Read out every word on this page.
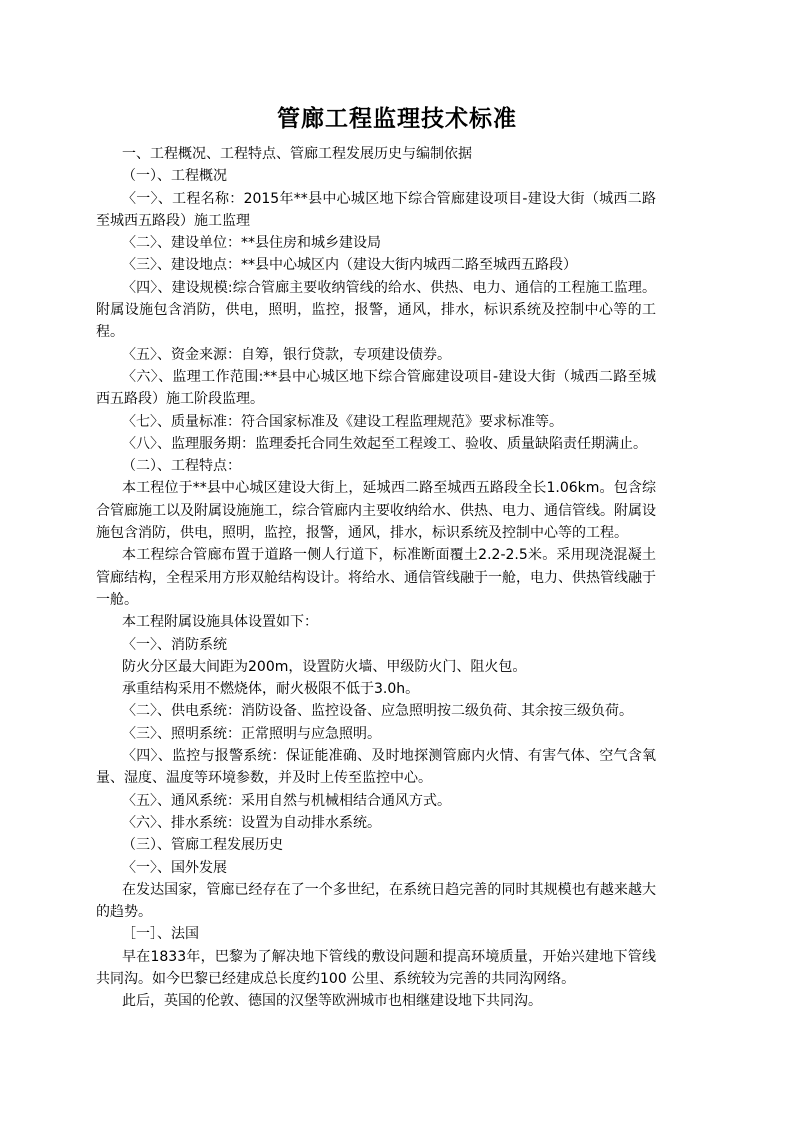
管廊工程监理技术标准

一、工程概况、工程特点、管廊工程发展历史与编制依据

（一）、工程概况

〈一〉、工程名称：2015年**县中心城区地下综合管廊建设项目-建设大街（城西二路至城西五路段）施工监理

〈二〉、建设单位：**县住房和城乡建设局

〈三〉、建设地点：**县中心城区内（建设大街内城西二路至城西五路段）

〈四〉、建设规模:综合管廊主要收纳管线的给水、供热、电力、通信的工程施工监理。附属设施包含消防，供电，照明，监控，报警，通风，排水，标识系统及控制中心等的工程。

〈五〉、资金来源：自筹，银行贷款，专项建设债券。

〈六〉、监理工作范围:**县中心城区地下综合管廊建设项目-建设大街（城西二路至城西五路段）施工阶段监理。

〈七〉、质量标准：符合国家标准及《建设工程监理规范》要求标准等。

〈八〉、监理服务期：监理委托合同生效起至工程竣工、验收、质量缺陷责任期满止。

（二）、工程特点：

本工程位于**县中心城区建设大街上，延城西二路至城西五路段全长1.06km。包含综合管廊施工以及附属设施施工，综合管廊内主要收纳给水、供热、电力、通信管线。附属设施包含消防，供电，照明，监控，报警，通风，排水，标识系统及控制中心等的工程。

本工程综合管廊布置于道路一侧人行道下，标准断面覆土2.2-2.5米。采用现浇混凝土管廊结构，全程采用方形双舱结构设计。将给水、通信管线融于一舱，电力、供热管线融于一舱。

本工程附属设施具体设置如下：

〈一〉、消防系统

防火分区最大间距为200m，设置防火墙、甲级防火门、阻火包。

承重结构采用不燃烧体，耐火极限不低于3.0h。

〈二〉、供电系统：消防设备、监控设备、应急照明按二级负荷、其余按三级负荷。

〈三〉、照明系统：正常照明与应急照明。

〈四〉、监控与报警系统：保证能准确、及时地探测管廊内火情、有害气体、空气含氧量、湿度、温度等环境参数，并及时上传至监控中心。

〈五〉、通风系统：采用自然与机械相结合通风方式。

〈六〉、排水系统：设置为自动排水系统。

（三）、管廊工程发展历史

〈一〉、国外发展

在发达国家，管廊已经存在了一个多世纪，在系统日趋完善的同时其规模也有越来越大的趋势。

［一］、法国

早在1833年，巴黎为了解决地下管线的敷设问题和提高环境质量，开始兴建地下管线共同沟。如今巴黎已经建成总长度约100 公里、系统较为完善的共同沟网络。

此后，英国的伦敦、德国的汉堡等欧洲城市也相继建设地下共同沟。
